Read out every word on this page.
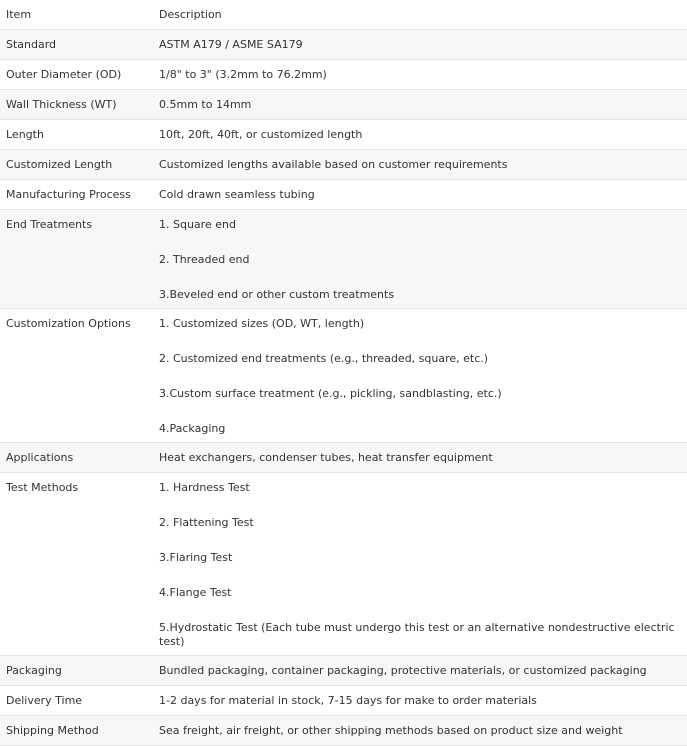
Item	Description
Standard	ASTM A179 / ASME SA179

Outer Diameter (OD)	1/8" to 3" (3.2mm to 76.2mm)

Wall Thickness (WT)	0.5mm to 14mm

Length	10ft, 20ft, 40ft, or customized length

Customized Length	Customized lengths available based on customer requirements

Manufacturing Process	Cold drawn seamless tubing

End Treatments	1. Square end
2. Threaded end
3.Beveled end or other custom treatments

Customization Options	1. Customized sizes (OD, WT, length)
2. Customized end treatments (e.g., threaded, square, etc.)
3.Custom surface treatment (e.g., pickling, sandblasting, etc.)
4.Packaging

Applications	Heat exchangers, condenser tubes, heat transfer equipment

Test Methods	1. Hardness Test
2. Flattening Test
3.Flaring Test
4.Flange Test
5.Hydrostatic Test (Each tube must undergo this test or an alternative nondestructive electric test)

Packaging	Bundled packaging, container packaging, protective materials, or customized packaging

Delivery Time	1-2 days for material in stock, 7-15 days for make to order materials

Shipping Method	Sea freight, air freight, or other shipping methods based on product size and weight
